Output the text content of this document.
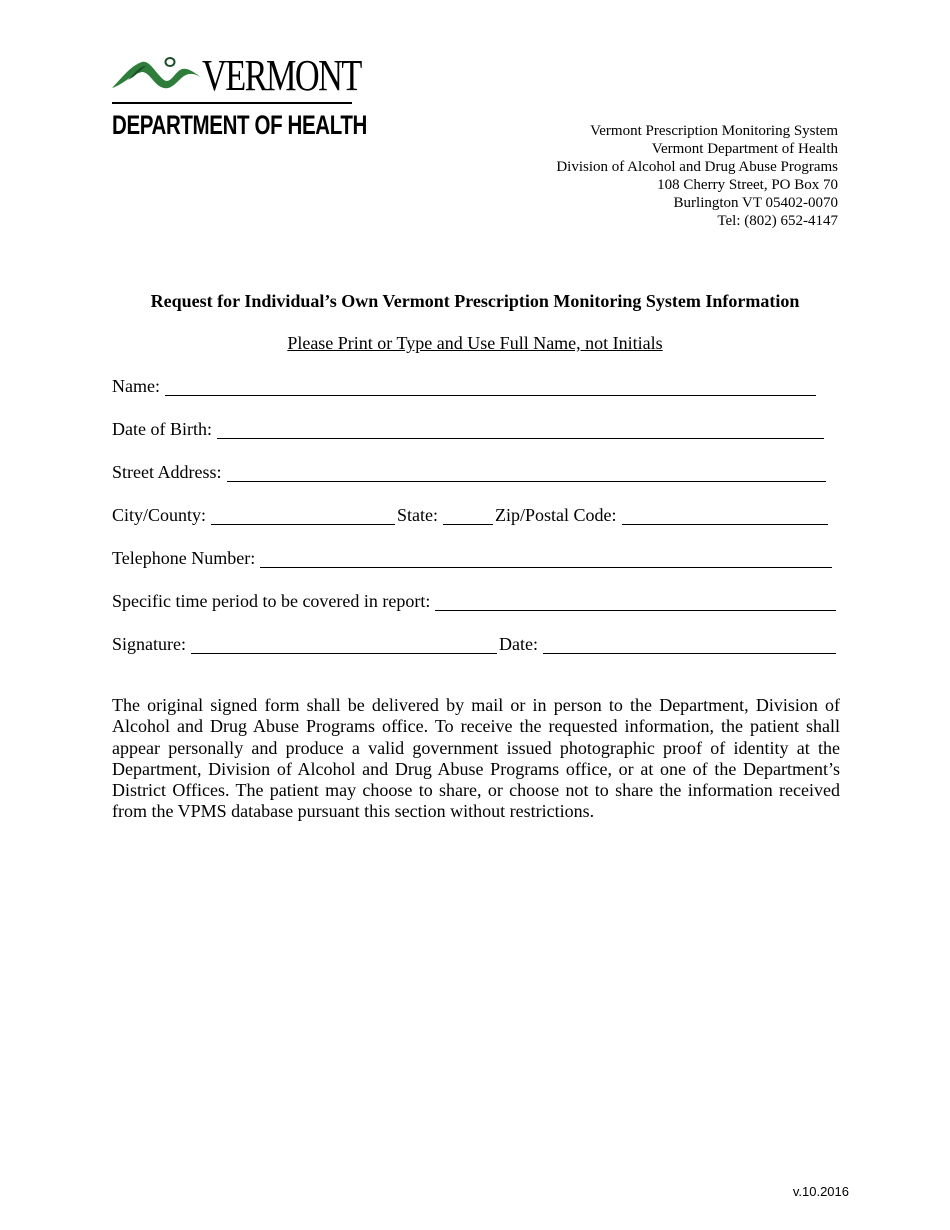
VERMONT
DEPARTMENT OF HEALTH	Vermont Prescription Monitoring System
Vermont Department of Health
Division of Alcohol and Drug Abuse Programs
108 Cherry Street, PO Box 70
Burlington VT 05402-0070
Tel: (802) 652-4147
Request for Individual’s Own Vermont Prescription Monitoring System Information
Please Print or Type and Use Full Name, not Initials
Name:
Date of Birth:
Street Address:
City/County:	State:	Zip/Postal Code:
Telephone Number:
Specific time period to be covered in report:
Signature:	Date:
The original signed form shall be delivered by mail or in person to the Department, Division of Alcohol and Drug Abuse Programs office. To receive the requested information, the patient shall appear personally and produce a valid government issued photographic proof of identity at the Department, Division of Alcohol and Drug Abuse Programs office, or at one of the Department’s District Offices. The patient may choose to share, or choose not to share the information received from the VPMS database pursuant this section without restrictions.
v.10.2016
